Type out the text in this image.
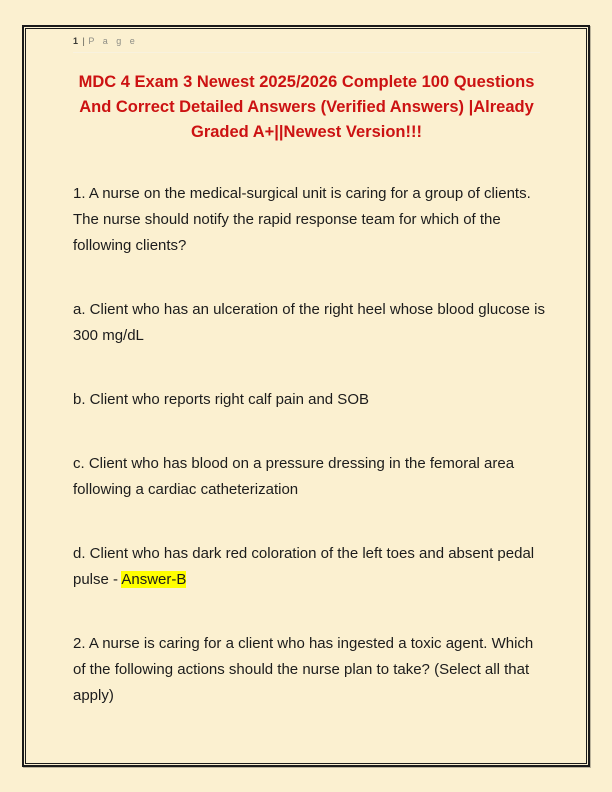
1 | P a g e
MDC 4 Exam 3 Newest 2025/2026 Complete 100 Questions And Correct Detailed Answers (Verified Answers) |Already Graded A+||Newest Version!!!

1. A nurse on the medical-surgical unit is caring for a group of clients. The nurse should notify the rapid response team for which of the following clients?

a. Client who has an ulceration of the right heel whose blood glucose is 300 mg/dL

b. Client who reports right calf pain and SOB

c. Client who has blood on a pressure dressing in the femoral area following a cardiac catheterization

d. Client who has dark red coloration of the left toes and absent pedal pulse - Answer-B

2. A nurse is caring for a client who has ingested a toxic agent. Which of the following actions should the nurse plan to take? (Select all that apply)
